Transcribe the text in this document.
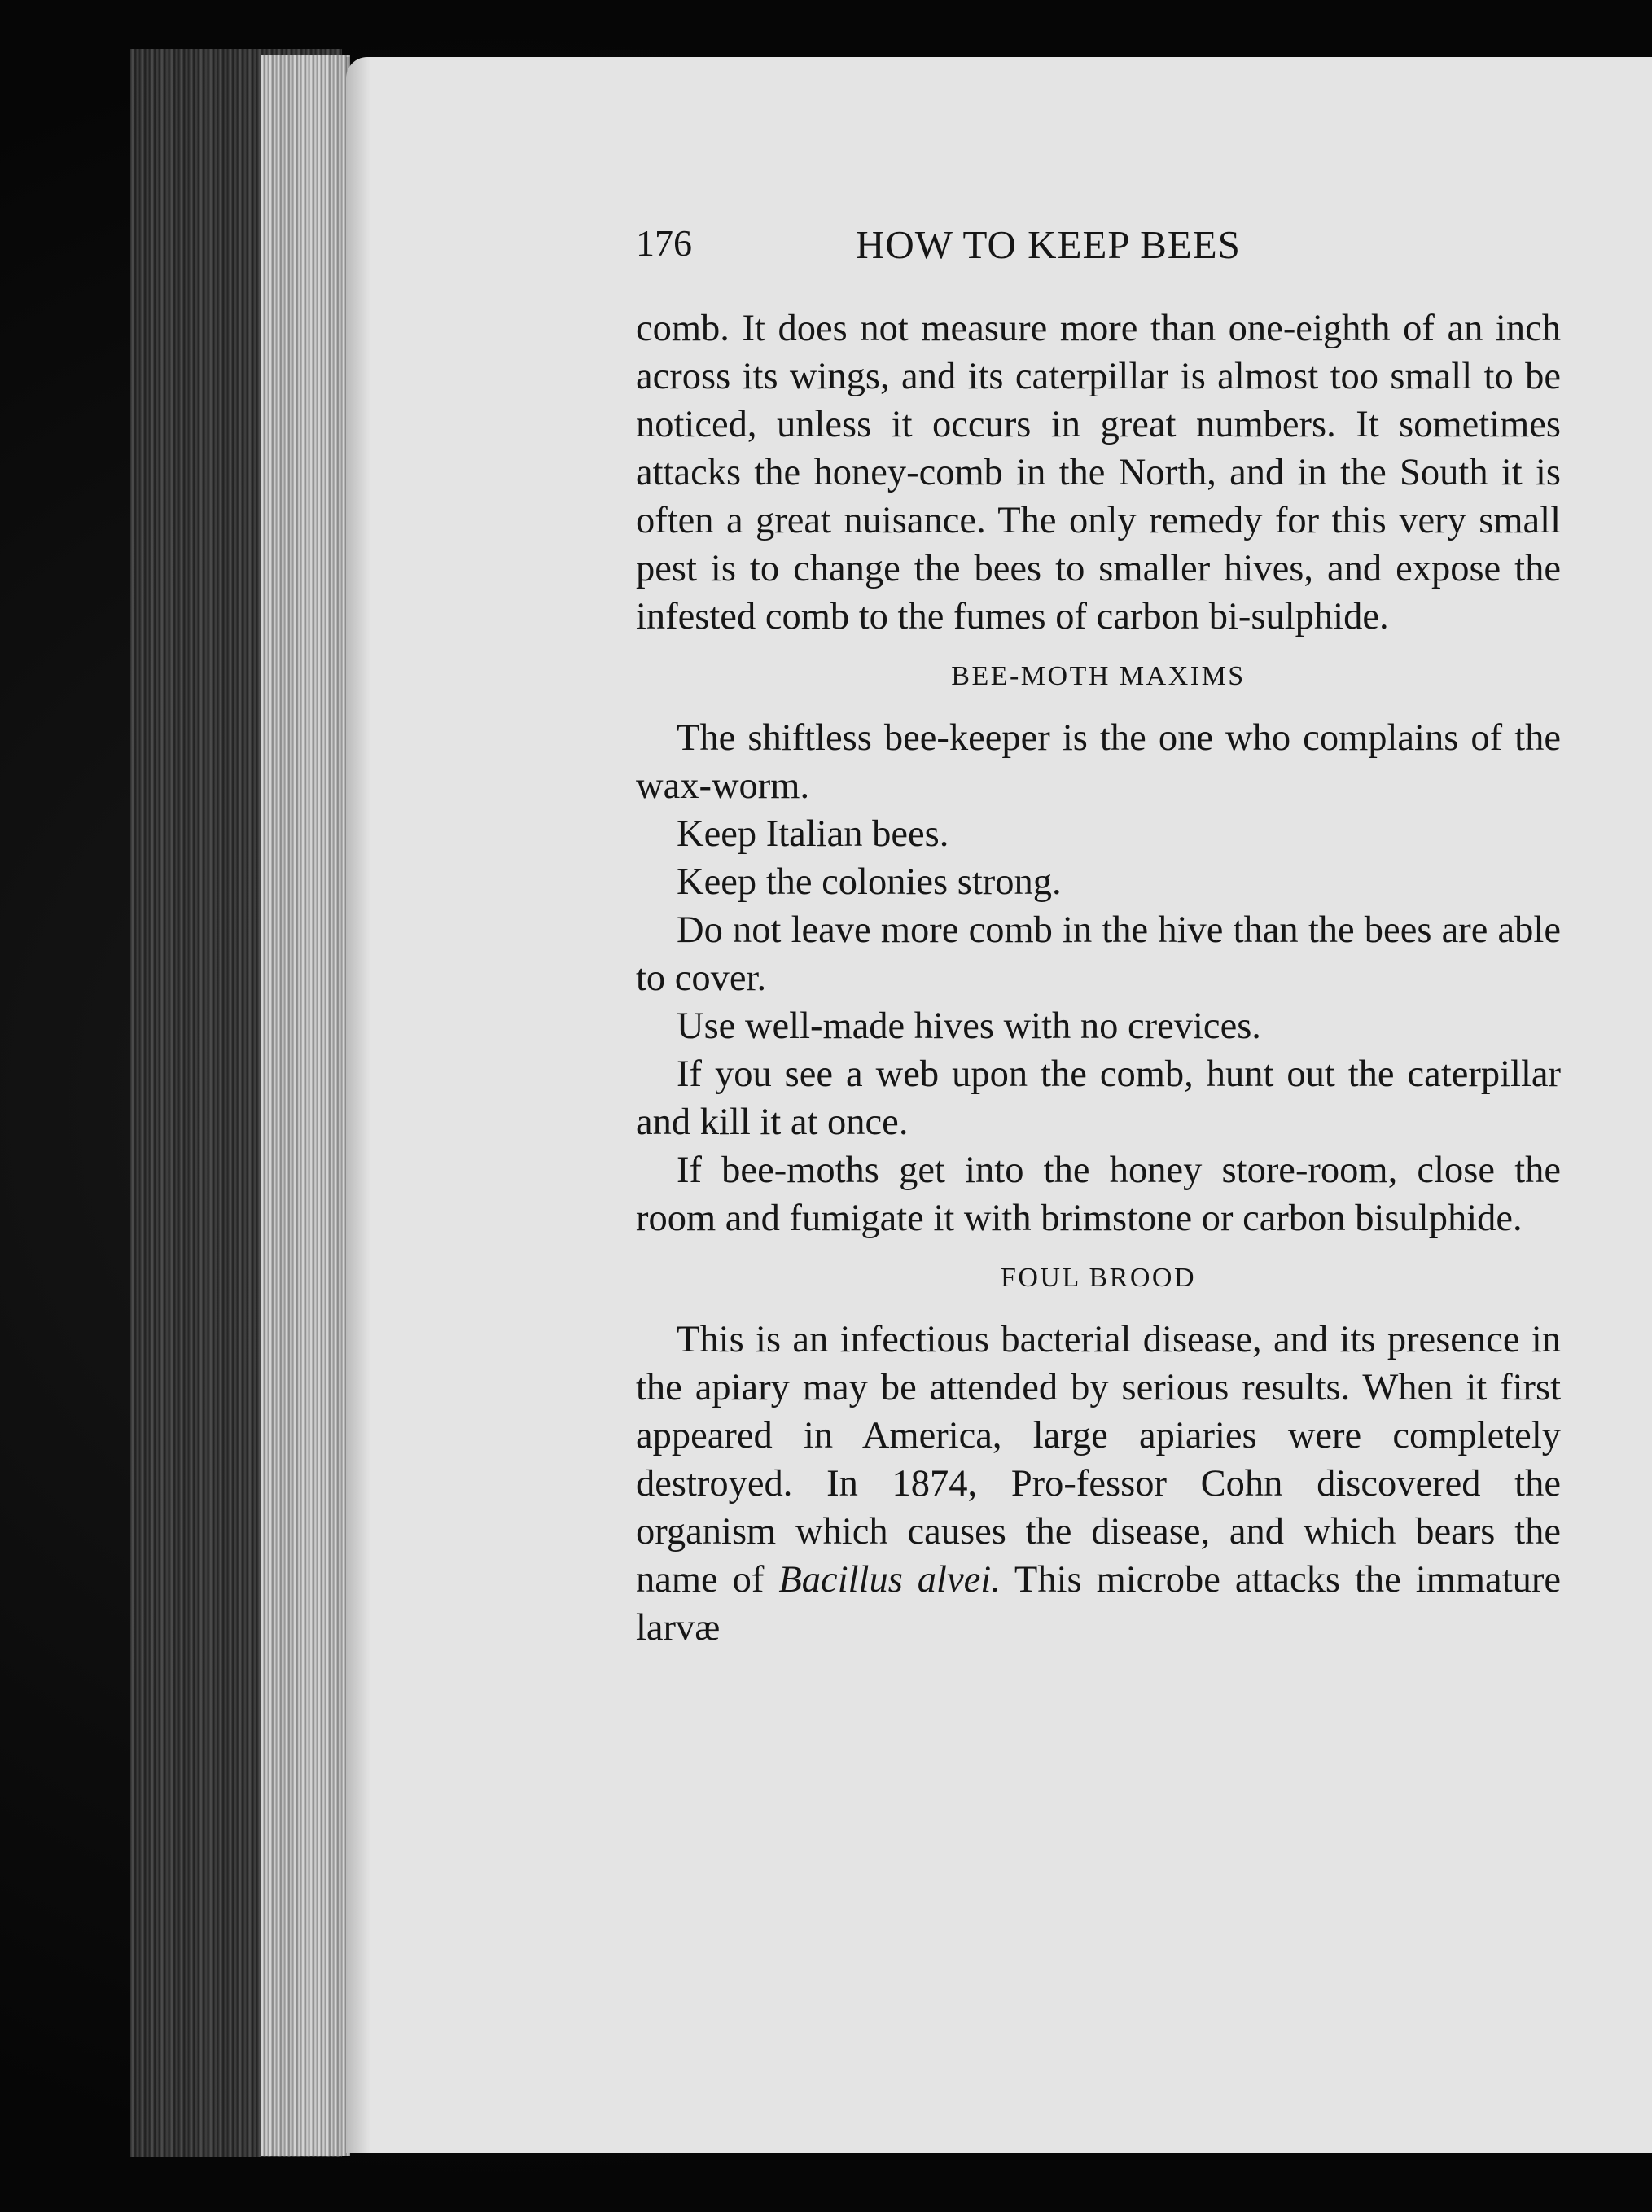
176	HOW TO KEEP BEES

comb. It does not measure more than one-eighth of an inch across its wings, and its caterpillar is almost too small to be noticed, unless it occurs in great numbers. It sometimes attacks the honey-comb in the North, and in the South it is often a great nuisance. The only remedy for this very small pest is to change the bees to smaller hives, and expose the infested comb to the fumes of carbon bi-sulphide.

BEE-MOTH MAXIMS

The shiftless bee-keeper is the one who complains of the wax-worm.

Keep Italian bees.

Keep the colonies strong.

Do not leave more comb in the hive than the bees are able to cover.

Use well-made hives with no crevices.

If you see a web upon the comb, hunt out the caterpillar and kill it at once.

If bee-moths get into the honey store-room, close the room and fumigate it with brimstone or carbon bisulphide.

FOUL BROOD

This is an infectious bacterial disease, and its presence in the apiary may be attended by serious results. When it first appeared in America, large apiaries were completely destroyed. In 1874, Pro-fessor Cohn discovered the organism which causes the disease, and which bears the name of Bacillus alvei. This microbe attacks the immature larvæ
